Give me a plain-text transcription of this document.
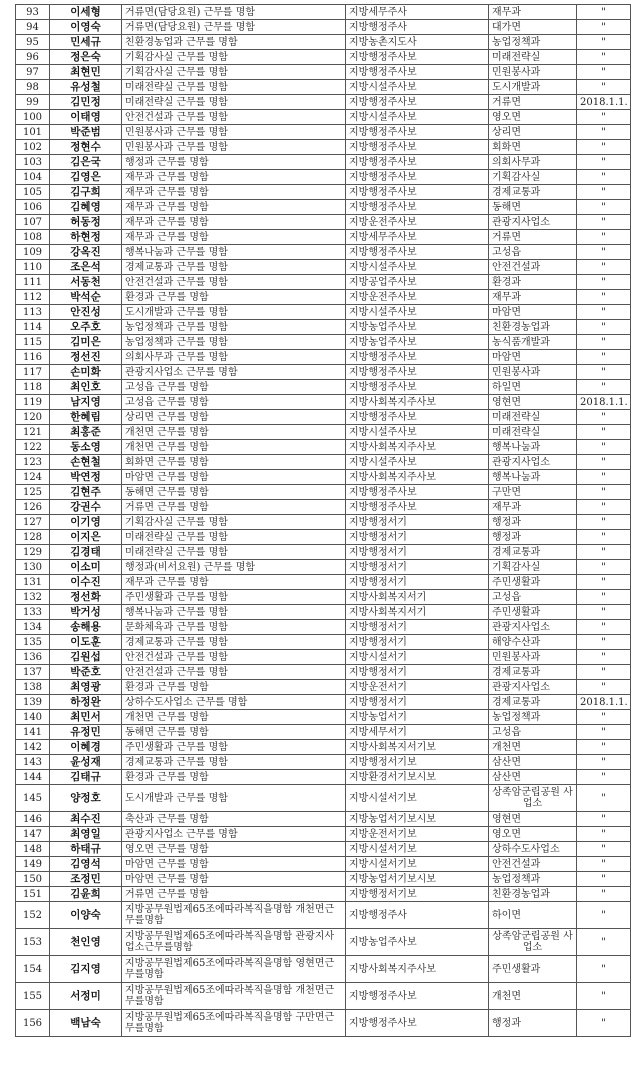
93	이세형	거류면(담당요원) 근무를 명함	지방세무주사	재무과	"
94	이영숙	거류면(담당요원) 근무를 명함	지방행정주사	대가면	"
95	민세규	친환경농업과 근무를 명함	지방농촌지도사	농업정책과	"
96	정은숙	기획감사실 근무를 명함	지방행정주사보	미래전략실	"
97	최현민	기획감사실 근무를 명함	지방행정주사보	민원봉사과	"
98	유성철	미래전략실 근무를 명함	지방시설주사보	도시개발과	"
99	김민정	미래전략실 근무를 명함	지방행정주사보	거류면	2018.1.1.
100	이태영	안전건설과 근무를 명함	지방시설주사보	영오면	"
101	박준범	민원봉사과 근무를 명함	지방행정주사보	상리면	"
102	정현수	민원봉사과 근무를 명함	지방행정주사보	회화면	"
103	김은국	행정과 근무를 명함	지방행정주사보	의회사무과	"
104	김영은	재무과 근무를 명함	지방행정주사보	기획감사실	"
105	김구희	재무과 근무를 명함	지방행정주사보	경제교통과	"
106	김혜영	재무과 근무를 명함	지방행정주사보	동해면	"
107	허동정	재무과 근무를 명함	지방운전주사보	관광지사업소	"
108	하현정	재무과 근무를 명함	지방세무주사보	거류면	"
109	강옥진	행복나눔과 근무를 명함	지방행정주사보	고성읍	"
110	조은석	경제교통과 근무를 명함	지방시설주사보	안전건설과	"
111	서동천	안전건설과 근무를 명함	지방공업주사보	환경과	"
112	박석순	환경과 근무를 명함	지방운전주사보	재무과	"
113	안진성	도시개발과 근무를 명함	지방시설주사보	마암면	"
114	오주호	농업정책과 근무를 명함	지방농업주사보	친환경농업과	"
115	김미은	농업정책과 근무를 명함	지방농업주사보	농식품개발과	"
116	정선진	의회사무과 근무를 명함	지방행정주사보	마암면	"
117	손미화	관광지사업소 근무를 명함	지방행정주사보	민원봉사과	"
118	최인호	고성읍 근무를 명함	지방행정주사보	하일면	"
119	남지영	고성읍 근무를 명함	지방사회복지주사보	영현면	2018.1.1.
120	한혜림	상리면 근무를 명함	지방행정주사보	미래전략실	"
121	최홍준	개천면 근무를 명함	지방시설주사보	미래전략실	"
122	동소영	개천면 근무를 명함	지방사회복지주사보	행복나눔과	"
123	손현철	회화면 근무를 명함	지방시설주사보	관광지사업소	"
124	박연정	마암면 근무를 명함	지방사회복지주사보	행복나눔과	"
125	김현주	동해면 근무를 명함	지방행정주사보	구만면	"
126	강권수	거류면 근무를 명함	지방행정주사보	재무과	"
127	이기영	기획감사실 근무를 명함	지방행정서기	행정과	"
128	이지은	미래전략실 근무를 명함	지방행정서기	행정과	"
129	김경태	미래전략실 근무를 명함	지방행정서기	경제교통과	"
130	이소미	행정과(비서요원) 근무를 명함	지방행정서기	기획감사실	"
131	이수진	재무과 근무를 명함	지방행정서기	주민생활과	"
132	정선화	주민생활과 근무를 명함	지방사회복지서기	고성읍	"
133	박거성	행복나눔과 근무를 명함	지방사회복지서기	주민생활과	"
134	송해용	문화체육과 근무를 명함	지방행정서기	관광지사업소	"
135	이도훈	경제교통과 근무를 명함	지방행정서기	해양수산과	"
136	김원섭	안전건설과 근무를 명함	지방시설서기	민원봉사과	"
137	박준호	안전건설과 근무를 명함	지방행정서기	경제교통과	"
138	최영광	환경과 근무를 명함	지방운전서기	관광지사업소	"
139	하정완	상하수도사업소 근무를 명함	지방행정서기	경제교통과	2018.1.1.
140	최민서	개천면 근무를 명함	지방농업서기	농업정책과	"
141	유정민	동해면 근무를 명함	지방세무서기	고성읍	"
142	이혜경	주민생활과 근무를 명함	지방사회복지서기보	개천면	"
143	윤성재	경제교통과 근무를 명함	지방행정서기보	삼산면	"
144	김태규	환경과 근무를 명함	지방환경서기보시보	삼산면	"
145	양정호	도시개발과 근무를 명함	지방시설서기보	상족암군립공원 사업소	"
146	최수진	축산과 근무를 명함	지방농업서기보시보	영현면	"
147	최영일	관광지사업소 근무를 명함	지방운전서기보	영오면	"
148	하태규	영오면 근무를 명함	지방시설서기보	상하수도사업소	"
149	김영석	마암면 근무를 명함	지방시설서기보	안전건설과	"
150	조정민	마암면 근무를 명함	지방농업서기보시보	농업정책과	"
151	김윤희	거류면 근무를 명함	지방행정서기보	친환경농업과	"
152	이양숙	지방공무원법제65조에따라복직을명함 개천면근무를명함	지방행정주사	하이면	"
153	천인영	지방공무원법제65조에따라복직을명함 관광지사업소근무를명함	지방농업주사보	상족암군립공원 사업소	"
154	김지영	지방공무원법제65조에따라복직을명함 영현면근무를명함	지방사회복지주사보	주민생활과	"
155	서정미	지방공무원법제65조에따라복직을명함 개천면근무를명함	지방행정주사보	개천면	"
156	백남숙	지방공무원법제65조에따라복직을명함 구만면근무를명함	지방행정주사보	행정과	"
